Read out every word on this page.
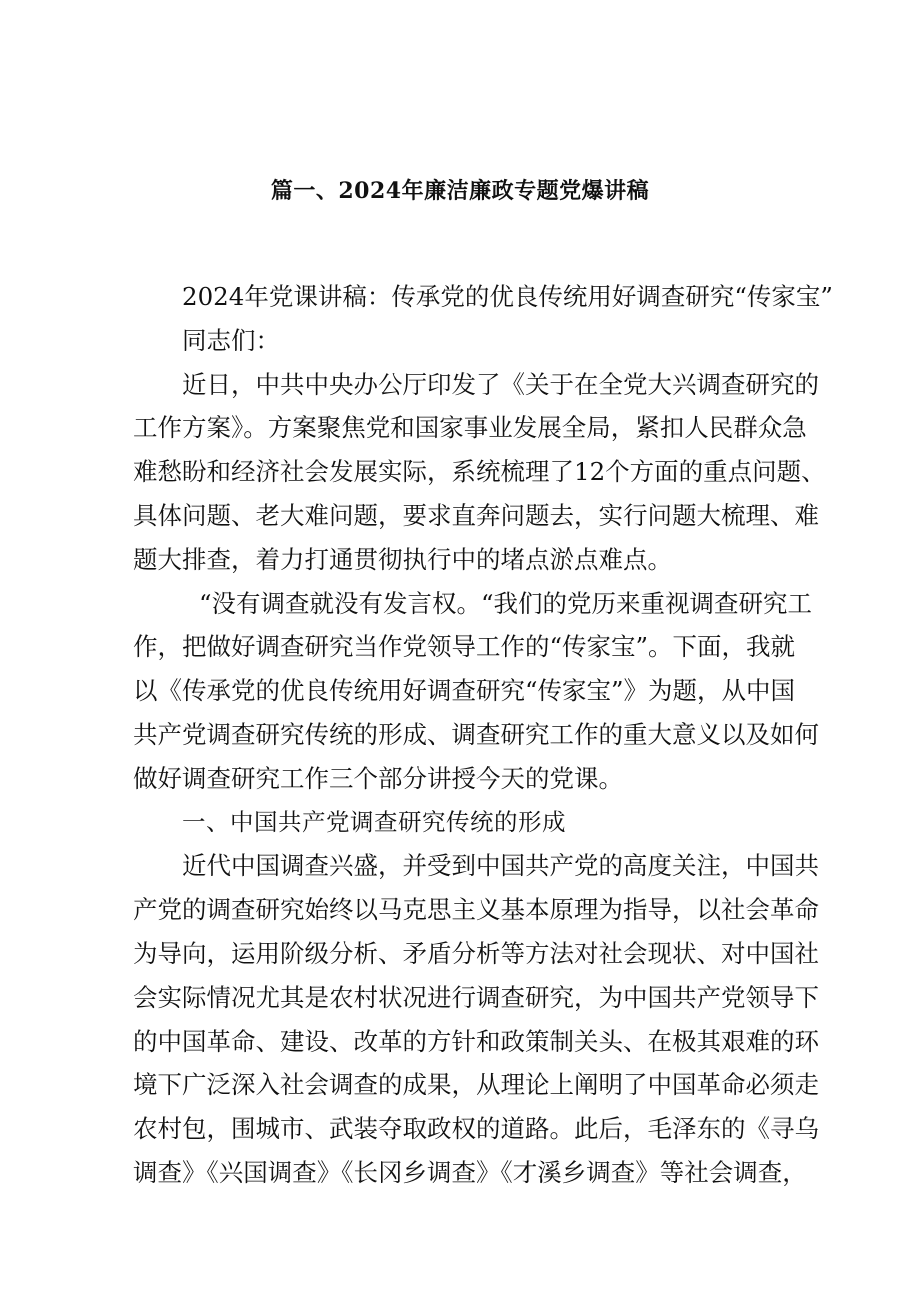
篇一、2024年廉洁廉政专题党爆讲稿
2024年党课讲稿：传承党的优良传统用好调查研究“传家宝”
同志们：
近日，中共中央办公厅印发了《关于在全党大兴调查研究的
工作方案》。方案聚焦党和国家事业发展全局，紧扣人民群众急
难愁盼和经济社会发展实际，系统梳理了12个方面的重点问题、
具体问题、老大难问题，要求直奔问题去，实行问题大梳理、难
题大排查，着力打通贯彻执行中的堵点淤点难点。
“没有调查就没有发言权。“我们的党历来重视调查研究工
作，把做好调查研究当作党领导工作的“传家宝”。下面，我就
以《传承党的优良传统用好调查研究“传家宝”》为题，从中国
共产党调查研究传统的形成、调查研究工作的重大意义以及如何
做好调查研究工作三个部分讲授今天的党课。
一、中国共产党调查研究传统的形成
近代中国调查兴盛，并受到中国共产党的高度关注，中国共
产党的调查研究始终以马克思主义基本原理为指导，以社会革命
为导向，运用阶级分析、矛盾分析等方法对社会现状、对中国社
会实际情况尤其是农村状况进行调查研究，为中国共产党领导下
的中国革命、建设、改革的方针和政策制关头、在极其艰难的环
境下广泛深入社会调查的成果，从理论上阐明了中国革命必须走
农村包，围城市、武装夺取政权的道路。此后，毛泽东的《寻乌
调查》《兴国调查》《长冈乡调查》《才溪乡调查》等社会调查，
